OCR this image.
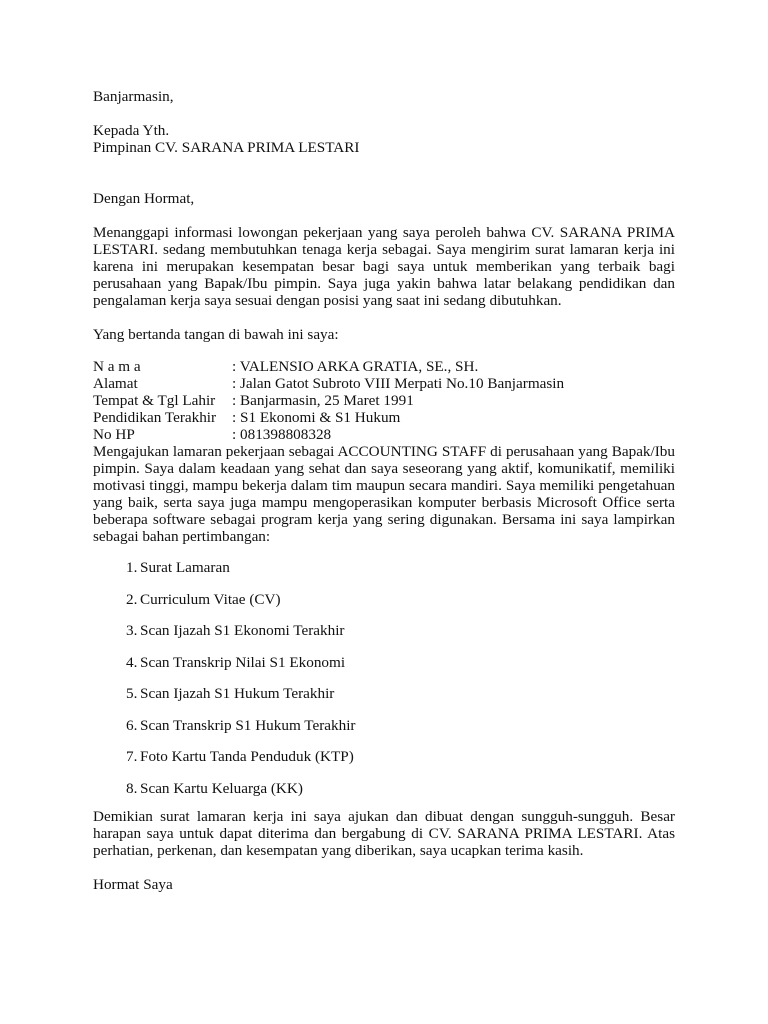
Banjarmasin,

Kepada Yth.

Pimpinan CV. SARANA PRIMA LESTARI

Dengan Hormat,

Menanggapi informasi lowongan pekerjaan yang saya peroleh bahwa CV. SARANA PRIMA LESTARI. sedang membutuhkan tenaga kerja sebagai. Saya mengirim surat lamaran kerja ini karena ini merupakan kesempatan besar bagi saya untuk memberikan yang terbaik bagi perusahaan yang Bapak/Ibu pimpin. Saya juga yakin bahwa latar belakang pendidikan dan pengalaman kerja saya sesuai dengan posisi yang saat ini sedang dibutuhkan.

Yang bertanda tangan di bawah ini saya:

N a m a	: VALENSIO ARKA GRATIA, SE., SH.
Alamat	: Jalan Gatot Subroto VIII Merpati No.10 Banjarmasin
Tempat & Tgl Lahir	: Banjarmasin, 25 Maret 1991
Pendidikan Terakhir	: S1 Ekonomi & S1 Hukum
No HP	: 081398808328

Mengajukan lamaran pekerjaan sebagai ACCOUNTING STAFF di perusahaan yang Bapak/Ibu pimpin. Saya dalam keadaan yang sehat dan saya seseorang yang aktif, komunikatif, memiliki motivasi tinggi, mampu bekerja dalam tim maupun secara mandiri. Saya memiliki pengetahuan yang baik, serta saya juga mampu mengoperasikan komputer berbasis Microsoft Office serta beberapa software sebagai program kerja yang sering digunakan. Bersama ini saya lampirkan sebagai bahan pertimbangan:

1. Surat Lamaran
2. Curriculum Vitae (CV)
3. Scan Ijazah S1 Ekonomi Terakhir
4. Scan Transkrip Nilai S1 Ekonomi
5. Scan Ijazah S1 Hukum Terakhir
6. Scan Transkrip S1 Hukum Terakhir
7. Foto Kartu Tanda Penduduk (KTP)
8. Scan Kartu Keluarga (KK)

Demikian surat lamaran kerja ini saya ajukan dan dibuat dengan sungguh-sungguh. Besar harapan saya untuk dapat diterima dan bergabung di CV. SARANA PRIMA LESTARI. Atas perhatian, perkenan, dan kesempatan yang diberikan, saya ucapkan terima kasih.

Hormat Saya
